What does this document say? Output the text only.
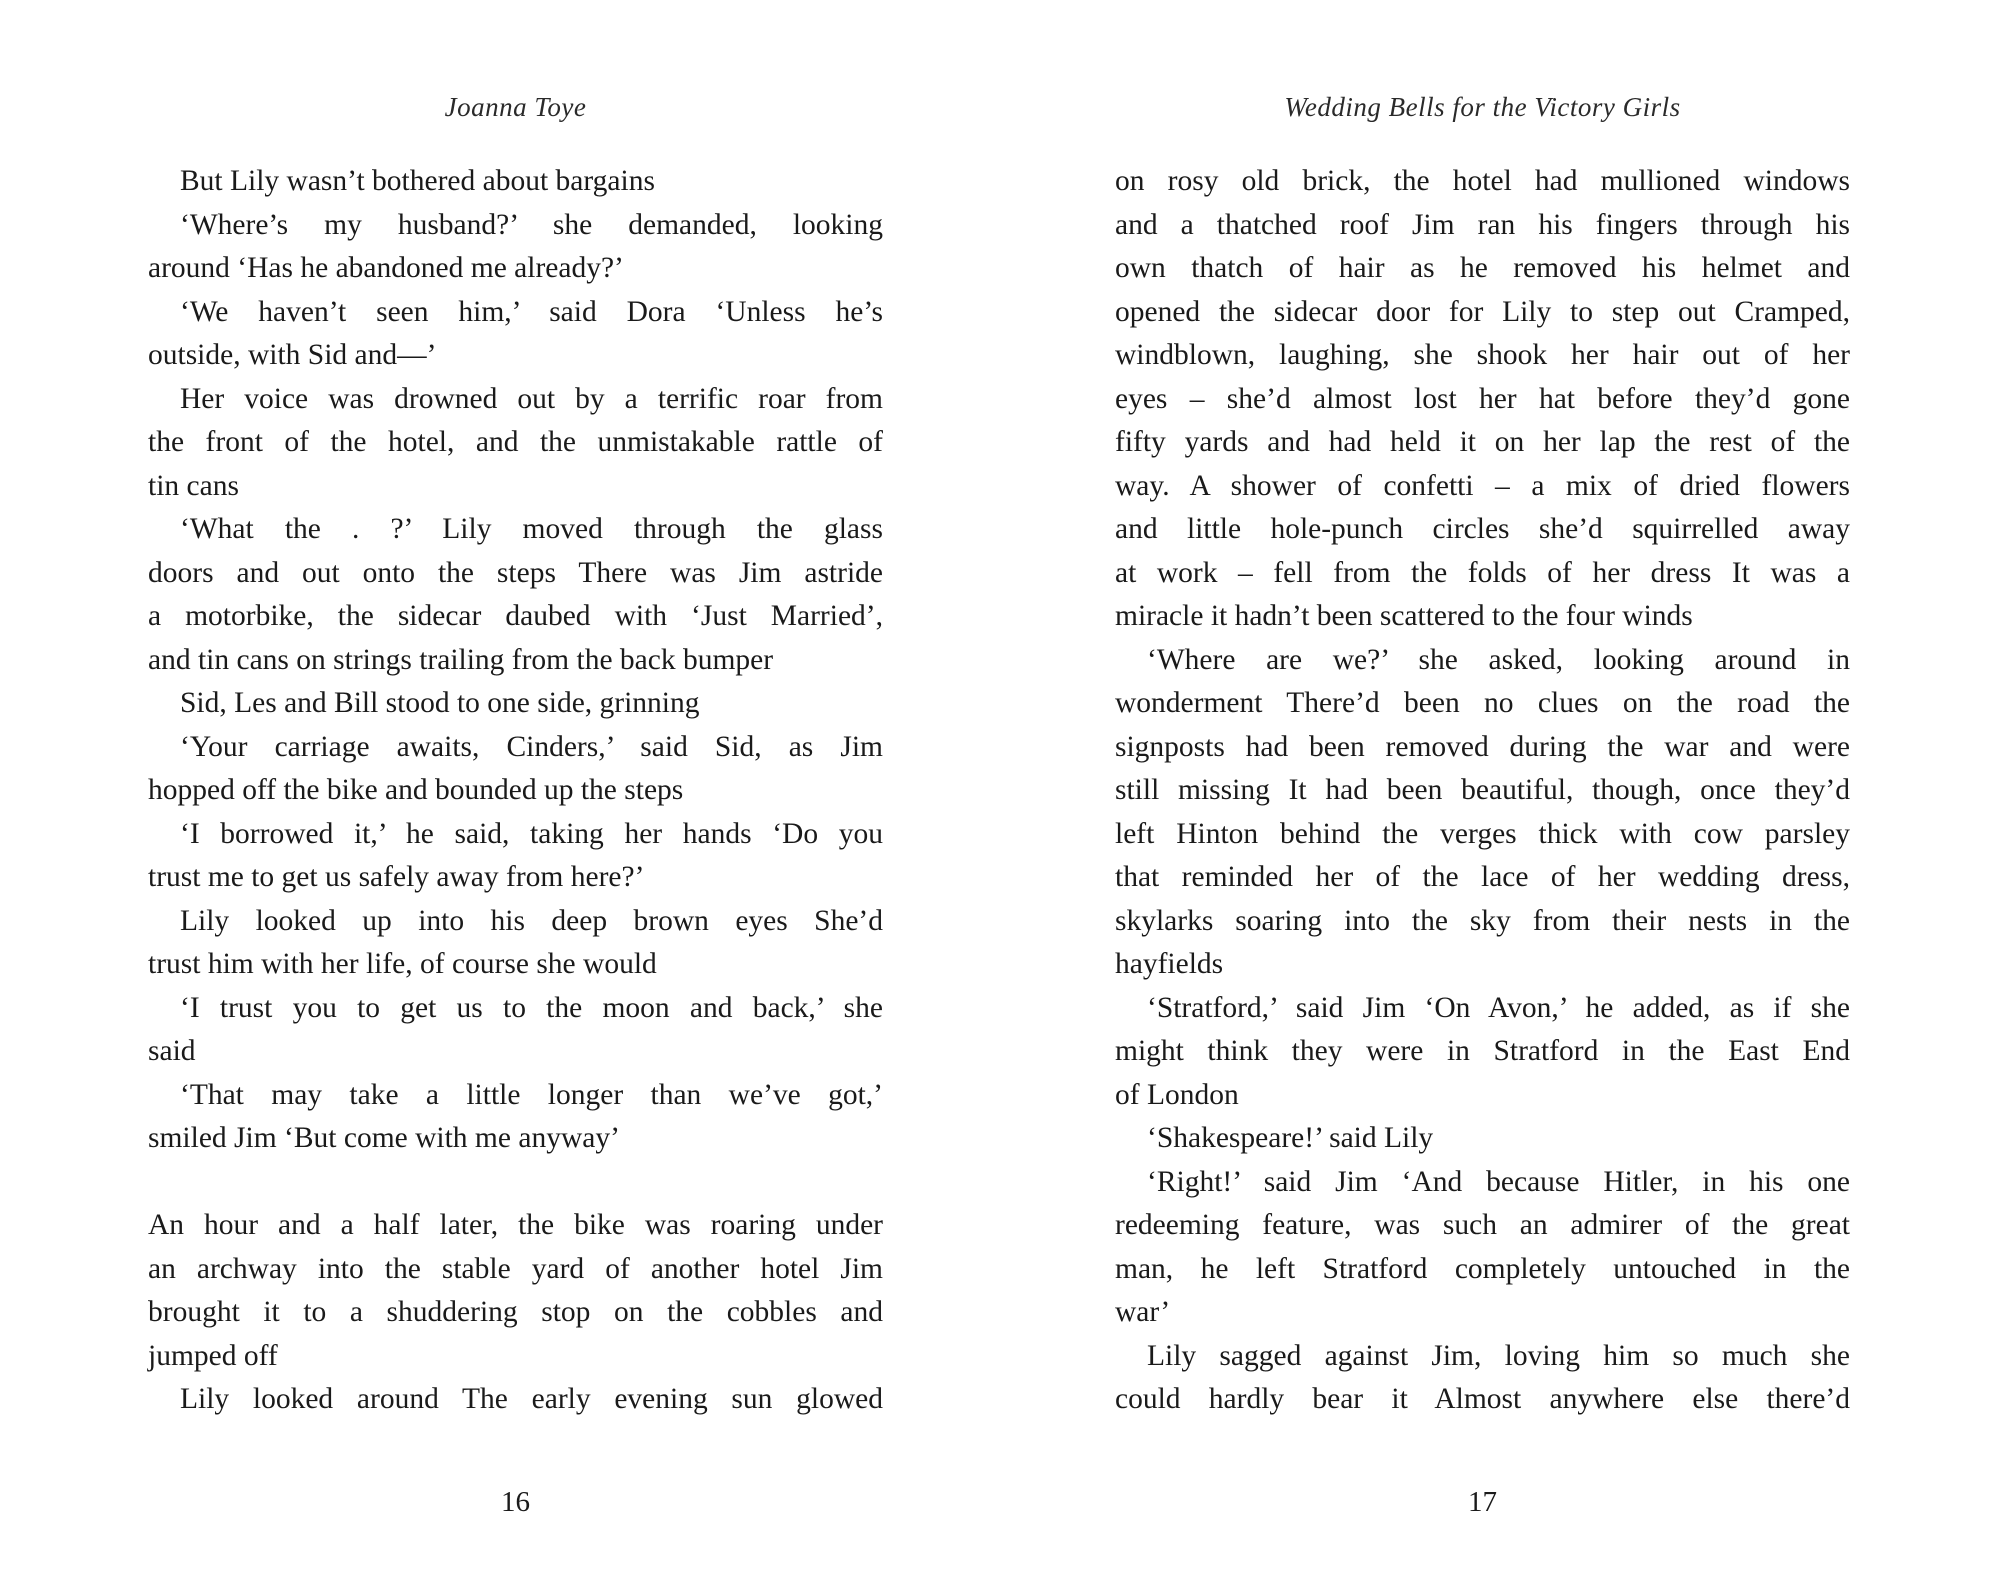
Joanna Toye
But Lily wasn’t bothered about bargains
‘Where’s my husband?’ she demanded, looking
around ‘Has he abandoned me already?’
‘We haven’t seen him,’ said Dora ‘Unless he’s
outside, with Sid and—’
Her voice was drowned out by a terrific roar from
the front of the hotel, and the unmistakable rattle of
tin cans
‘What the . ?’ Lily moved through the glass
doors and out onto the steps There was Jim astride
a motorbike, the sidecar daubed with ‘Just Married’,
and tin cans on strings trailing from the back bumper
Sid, Les and Bill stood to one side, grinning
‘Your carriage awaits, Cinders,’ said Sid, as Jim
hopped off the bike and bounded up the steps
‘I borrowed it,’ he said, taking her hands ‘Do you
trust me to get us safely away from here?’
Lily looked up into his deep brown eyes She’d
trust him with her life, of course she would
‘I trust you to get us to the moon and back,’ she
said
‘That may take a little longer than we’ve got,’
smiled Jim ‘But come with me anyway’
An hour and a half later, the bike was roaring under
an archway into the stable yard of another hotel Jim
brought it to a shuddering stop on the cobbles and
jumped off
Lily looked around The early evening sun glowed
16
Wedding Bells for the Victory Girls
on rosy old brick, the hotel had mullioned windows
and a thatched roof Jim ran his fingers through his
own thatch of hair as he removed his helmet and
opened the sidecar door for Lily to step out Cramped,
windblown, laughing, she shook her hair out of her
eyes – she’d almost lost her hat before they’d gone
fifty yards and had held it on her lap the rest of the
way. A shower of confetti – a mix of dried flowers
and little hole-punch circles she’d squirrelled away
at work – fell from the folds of her dress It was a
miracle it hadn’t been scattered to the four winds
‘Where are we?’ she asked, looking around in
wonderment There’d been no clues on the road the
signposts had been removed during the war and were
still missing It had been beautiful, though, once they’d
left Hinton behind the verges thick with cow parsley
that reminded her of the lace of her wedding dress,
skylarks soaring into the sky from their nests in the
hayfields
‘Stratford,’ said Jim ‘On Avon,’ he added, as if she
might think they were in Stratford in the East End
of London
‘Shakespeare!’ said Lily
‘Right!’ said Jim ‘And because Hitler, in his one
redeeming feature, was such an admirer of the great
man, he left Stratford completely untouched in the
war’
Lily sagged against Jim, loving him so much she
could hardly bear it Almost anywhere else there’d
17
